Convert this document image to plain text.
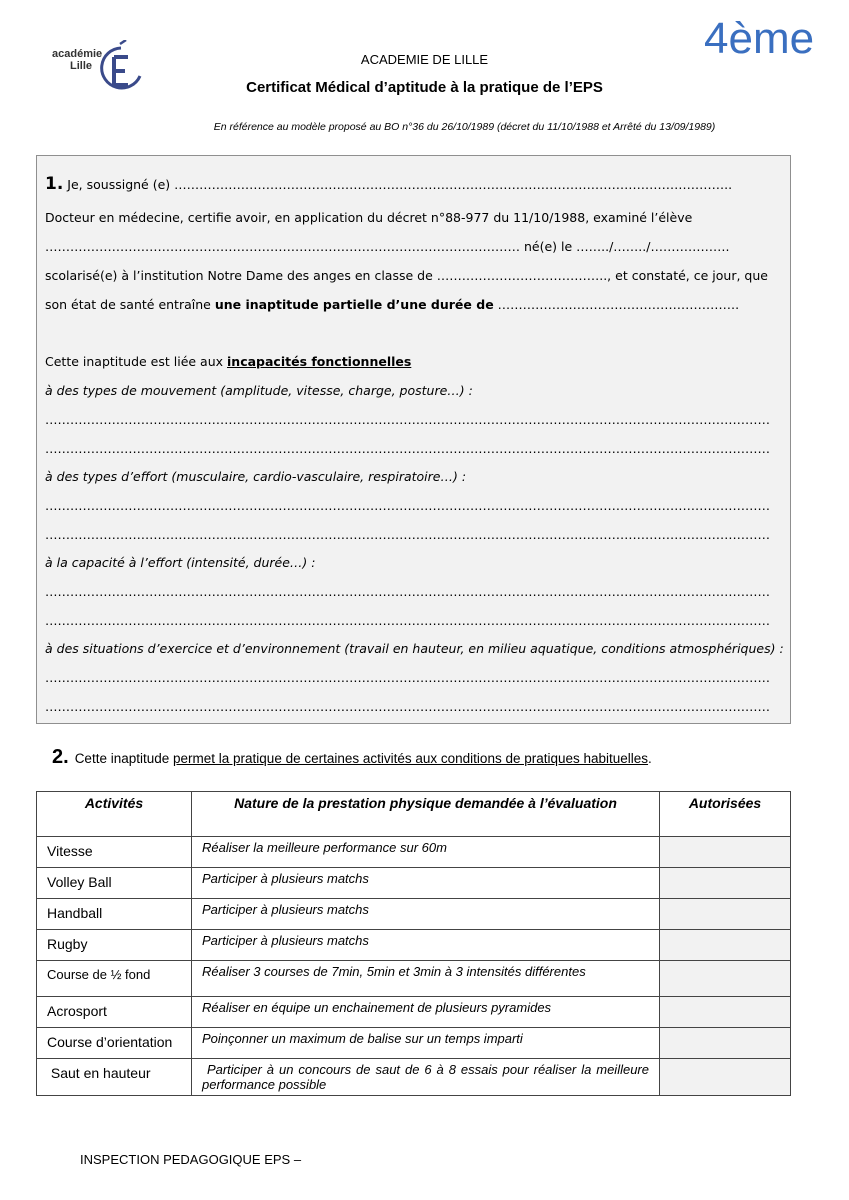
académie
Lille
4ème
ACADEMIE DE LILLE
Certificat Médical d’aptitude à la pratique de l’EPS
En référence au modèle proposé au BO n°36 du 26/10/1989 (décret du 11/10/1988 et Arrêté du 13/09/1989)
1. Je, soussigné (e) ……………………………………………………………………………………………………………………..
Docteur en médecine, certifie avoir, en application du décret n°88-977 du 11/10/1988, examiné l’élève
…………………………………………………………………………………………………… né(e) le ……../……../……………….
scolarisé(e) à l’institution Notre Dame des anges en classe de ………………………………….., et constaté, ce jour, que
son état de santé entraîne une inaptitude partielle d’une durée de ………………………………………………….
Cette inaptitude est liée aux incapacités fonctionnelles
à des types de mouvement (amplitude, vitesse, charge, posture…) :
…………………………………………………………………………………………………………………………………………………………
…………………………………………………………………………………………………………………………………………………………
à des types d’effort (musculaire, cardio-vasculaire, respiratoire…) :
…………………………………………………………………………………………………………………………………………………………
…………………………………………………………………………………………………………………………………………………………
à la capacité à l’effort (intensité, durée…) :
…………………………………………………………………………………………………………………………………………………………
…………………………………………………………………………………………………………………………………………………………
à des situations d’exercice et d’environnement (travail en hauteur, en milieu aquatique, conditions atmosphériques) :
…………………………………………………………………………………………………………………………………………………………
…………………………………………………………………………………………………………………………………………………………
2. Cette inaptitude permet la pratique de certaines activités aux conditions de pratiques habituelles.
Activités	Nature de la prestation physique demandée à l’évaluation	Autorisées
Vitesse	Réaliser la meilleure performance sur 60m	
Volley Ball	Participer à plusieurs matchs	
Handball	Participer à plusieurs matchs	
Rugby	Participer à plusieurs matchs	
Course de ½ fond	Réaliser 3 courses de 7min, 5min et 3min à 3 intensités différentes	
Acrosport	Réaliser en équipe un enchainement de plusieurs pyramides	
Course d’orientation	Poinçonner un maximum de balise sur un temps imparti	
Saut en hauteur	Participer à un concours de saut de 6 à 8 essais pour réaliser la meilleure performance possible	
INSPECTION PEDAGOGIQUE EPS –
